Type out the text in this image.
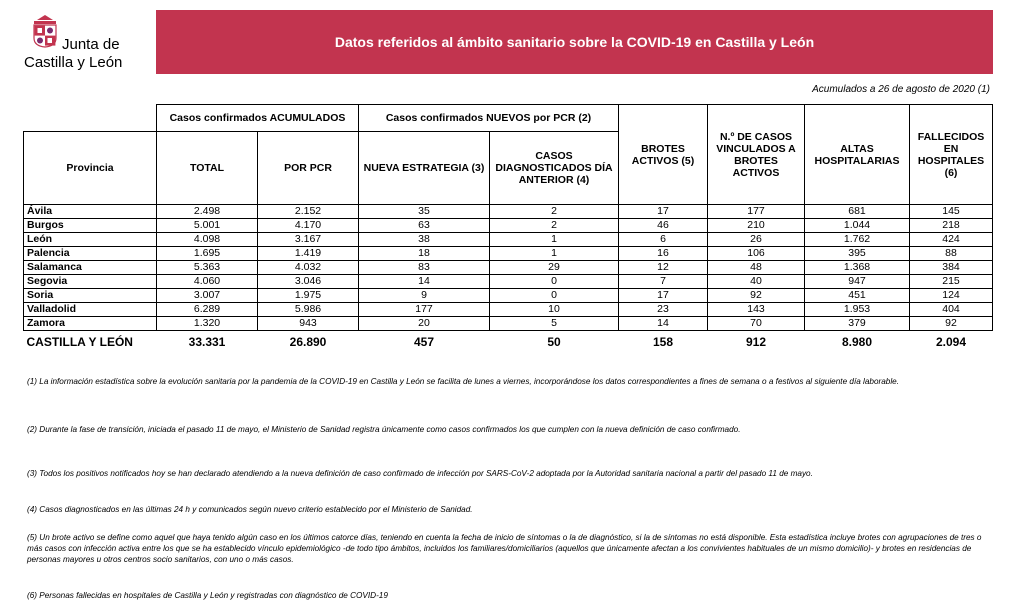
Junta de
Castilla y León
Datos referidos al ámbito sanitario sobre la COVID-19 en Castilla y León
Acumulados a 26 de agosto de 2020 (1)
	Casos confirmados ACUMULADOS		Casos confirmados NUEVOS por PCR (2)		BROTES ACTIVOS (5)	N.º DE CASOS VINCULADOS A BROTES ACTIVOS	ALTAS HOSPITALARIAS	FALLECIDOS EN HOSPITALES (6)
Provincia	TOTAL	POR PCR	NUEVA ESTRATEGIA (3)	CASOS DIAGNOSTICADOS DÍA ANTERIOR (4)				
Ávila	2.498	2.152	35	2	17	177	681	145
Burgos	5.001	4.170	63	2	46	210	1.044	218
León	4.098	3.167	38	1	6	26	1.762	424
Palencia	1.695	1.419	18	1	16	106	395	88
Salamanca	5.363	4.032	83	29	12	48	1.368	384
Segovia	4.060	3.046	14	0	7	40	947	215
Soria	3.007	1.975	9	0	17	92	451	124
Valladolid	6.289	5.986	177	10	23	143	1.953	404
Zamora	1.320	943	20	5	14	70	379	92
CASTILLA Y LEÓN	33.331	26.890	457	50	158	912	8.980	2.094
(1) La información estadística sobre la evolución sanitaria por la pandemia de la COVID-19 en Castilla y León se facilita de lunes a viernes, incorporándose los datos correspondientes a fines de semana o a festivos al siguiente día laborable.
(2) Durante la fase de transición, iniciada el pasado 11 de mayo, el Ministerio de Sanidad registra únicamente como casos confirmados los que cumplen con la nueva definición de caso confirmado.
(3) Todos los positivos notificados hoy se han declarado atendiendo a la nueva definición de caso confirmado de infección por SARS-CoV-2 adoptada por la Autoridad sanitaria nacional a partir del pasado 11 de mayo.
(4) Casos diagnosticados en las últimas 24 h y comunicados según nuevo criterio establecido por el Ministerio de Sanidad.
(5) Un brote activo se define como aquel que haya tenido algún caso en los últimos catorce días, teniendo en cuenta la fecha de inicio de síntomas o la de diagnóstico, si la de síntomas no está disponible. Esta estadística incluye brotes con agrupaciones de tres o más casos con infección activa entre los que se ha establecido vínculo epidemiológico -de todo tipo ámbitos, incluidos los familiares/domiciliarios (aquellos que únicamente afectan a los convivientes habituales de un mismo domicilio)- y brotes en residencias de personas mayores u otros centros socio sanitarios, con uno o más casos.
(6) Personas fallecidas en hospitales de Castilla y León y registradas con diagnóstico de COVID-19
